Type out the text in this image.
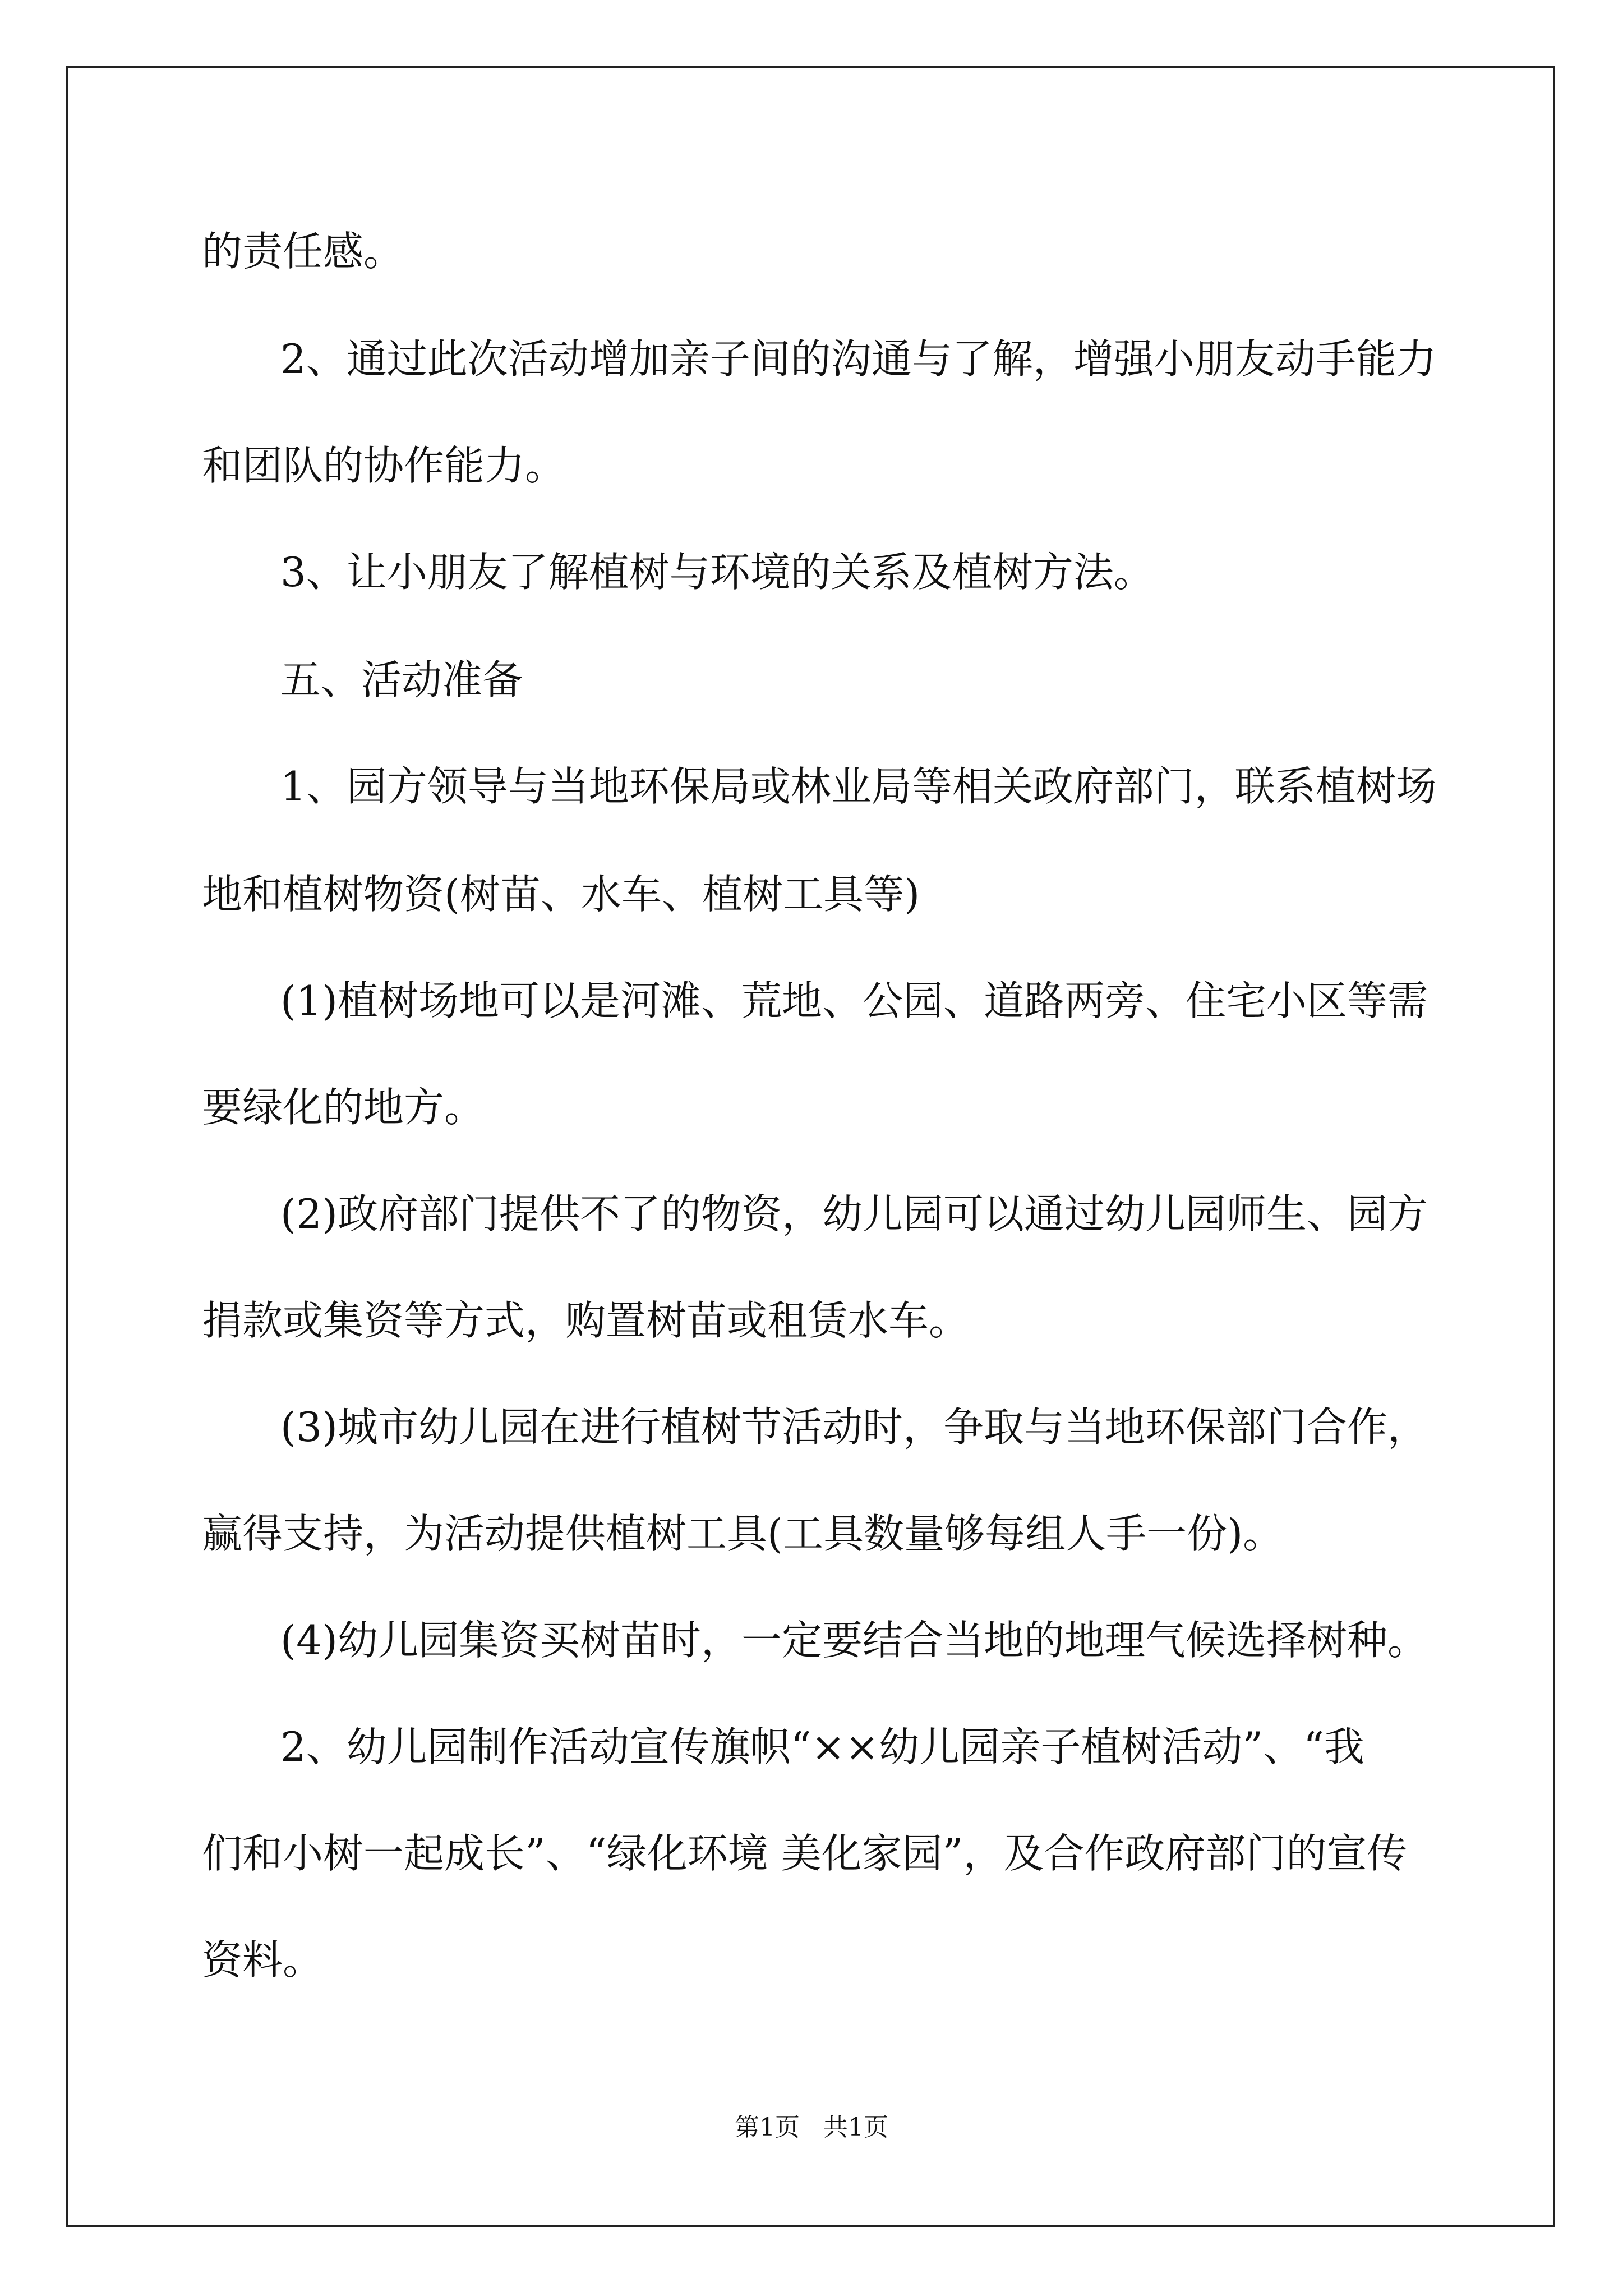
的责任感。
2、通过此次活动增加亲子间的沟通与了解，增强小朋友动手能力
和团队的协作能力。
3、让小朋友了解植树与环境的关系及植树方法。
五、活动准备
1、园方领导与当地环保局或林业局等相关政府部门，联系植树场
地和植树物资(树苗、水车、植树工具等)
(1)植树场地可以是河滩、荒地、公园、道路两旁、住宅小区等需
要绿化的地方。
(2)政府部门提供不了的物资，幼儿园可以通过幼儿园师生、园方
捐款或集资等方式，购置树苗或租赁水车。
(3)城市幼儿园在进行植树节活动时，争取与当地环保部门合作，
赢得支持，为活动提供植树工具(工具数量够每组人手一份)。
(4)幼儿园集资买树苗时，一定要结合当地的地理气候选择树种。
2、幼儿园制作活动宣传旗帜“××幼儿园亲子植树活动”、“我
们和小树一起成长”、“绿化环境 美化家园”，及合作政府部门的宣传
资料。
第1页   共1页
